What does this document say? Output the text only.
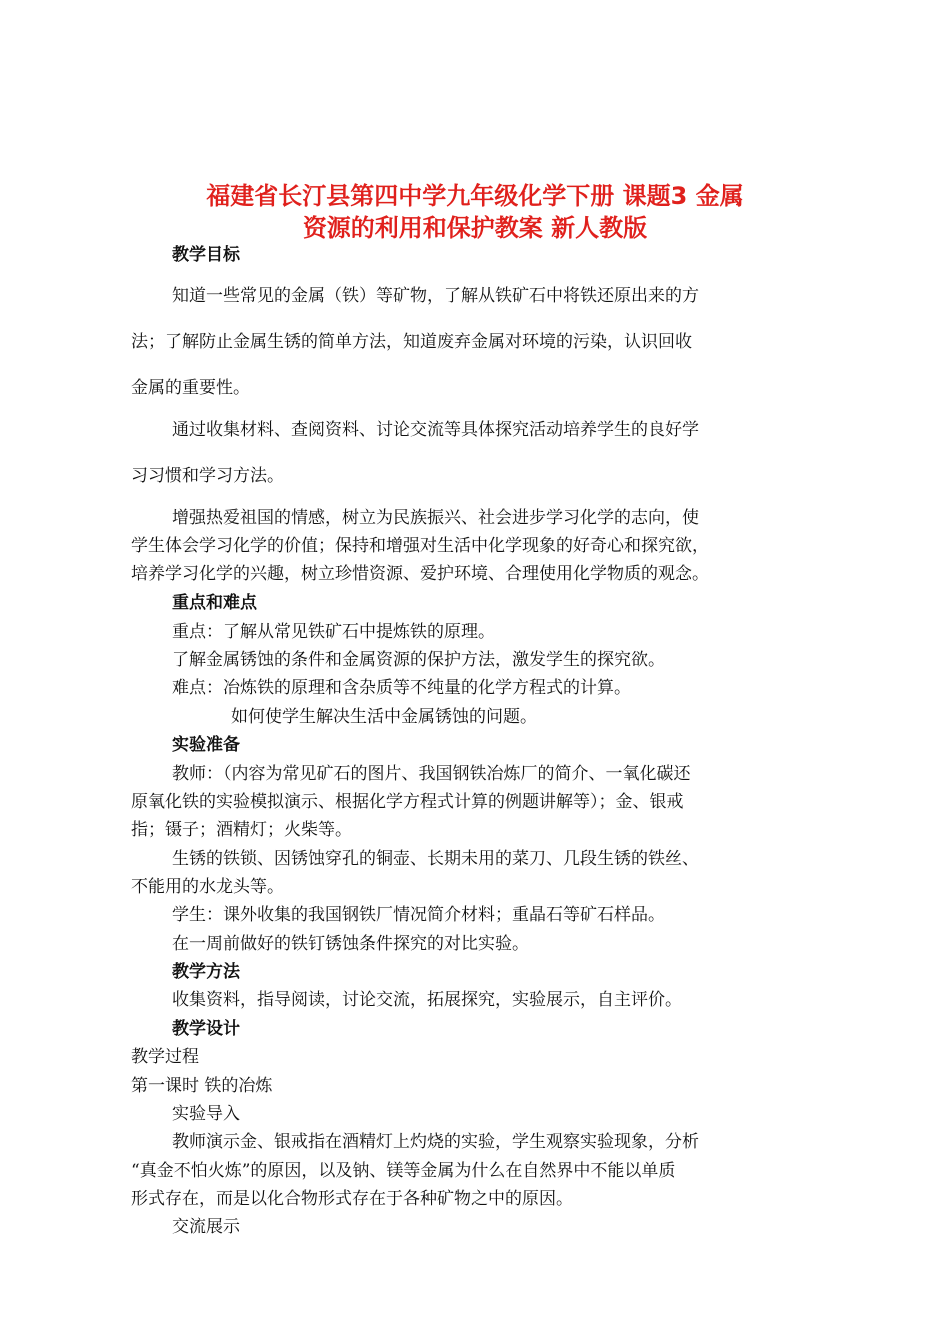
福建省长汀县第四中学九年级化学下册 课题3 金属
资源的利用和保护教案 新人教版
教学目标
知道一些常见的金属（铁）等矿物，了解从铁矿石中将铁还原出来的方
法；了解防止金属生锈的简单方法，知道废弃金属对环境的污染，认识回收
金属的重要性。
通过收集材料、查阅资料、讨论交流等具体探究活动培养学生的良好学
习习惯和学习方法。
增强热爱祖国的情感，树立为民族振兴、社会进步学习化学的志向，使
学生体会学习化学的价值；保持和增强对生活中化学现象的好奇心和探究欲，
培养学习化学的兴趣，树立珍惜资源、爱护环境、合理使用化学物质的观念。
重点和难点
重点：了解从常见铁矿石中提炼铁的原理。
了解金属锈蚀的条件和金属资源的保护方法，激发学生的探究欲。
难点：冶炼铁的原理和含杂质等不纯量的化学方程式的计算。
如何使学生解决生活中金属锈蚀的问题。
实验准备
教师：（内容为常见矿石的图片、我国钢铁冶炼厂的简介、一氧化碳还
原氧化铁的实验模拟演示、根据化学方程式计算的例题讲解等）；金、银戒
指；镊子；酒精灯；火柴等。
生锈的铁锁、因锈蚀穿孔的铜壶、长期未用的菜刀、几段生锈的铁丝、
不能用的水龙头等。
学生：课外收集的我国钢铁厂情况简介材料；重晶石等矿石样品。
在一周前做好的铁钉锈蚀条件探究的对比实验。
教学方法
收集资料，指导阅读，讨论交流，拓展探究，实验展示，自主评价。
教学设计
教学过程
第一课时 铁的冶炼
实验导入
教师演示金、银戒指在酒精灯上灼烧的实验，学生观察实验现象，分析
“真金不怕火炼”的原因，以及钠、镁等金属为什么在自然界中不能以单质
形式存在，而是以化合物形式存在于各种矿物之中的原因。
交流展示
